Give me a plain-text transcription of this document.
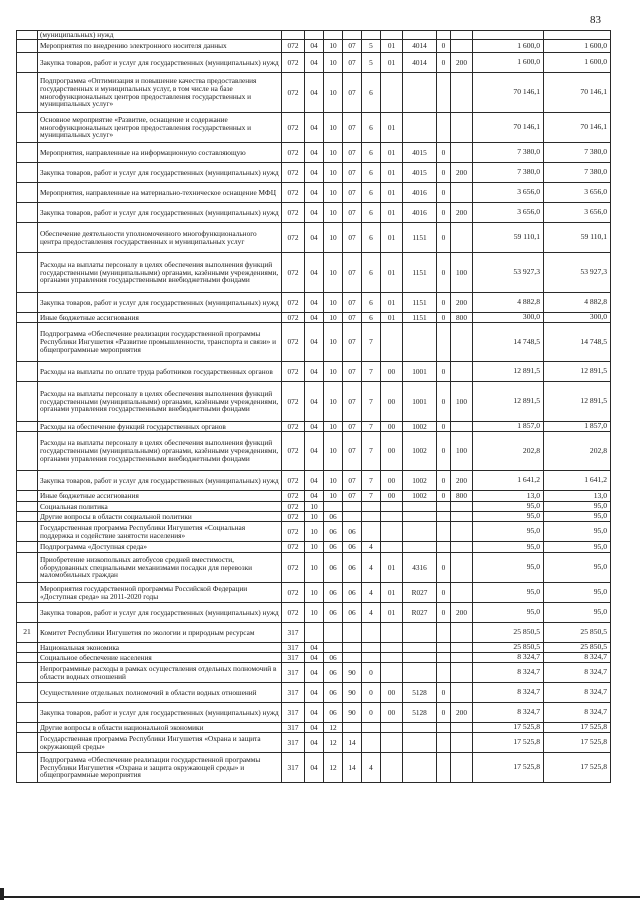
83
	(муниципальных) нужд											
	Мероприятия по внедрению электронного носителя данных	072	04	10	07	5	01	4014	0		1 600,0	1 600,0
	Закупка товаров, работ и услуг для государственных (муниципальных) нужд	072	04	10	07	5	01	4014	0	200	1 600,0	1 600,0
	Подпрограмма «Оптимизация и повышение качества предоставления государственных и муниципальных услуг, в том числе на базе многофункциональных центров предоставления государственных и муниципальных услуг»	072	04	10	07	6					70 146,1	70 146,1
	Основное мероприятие «Развитие, оснащение и содержание многофункциональных центров предоставления государственных и муниципальных услуг»	072	04	10	07	6	01				70 146,1	70 146,1
	Мероприятия, направленные на информационную составляющую	072	04	10	07	6	01	4015	0		7 380,0	7 380,0
	Закупка товаров, работ и услуг для государственных (муниципальных) нужд	072	04	10	07	6	01	4015	0	200	7 380,0	7 380,0
	Мероприятия, направленные на материально-техническое оснащение МФЦ	072	04	10	07	6	01	4016	0		3 656,0	3 656,0
	Закупка товаров, работ и услуг для государственных (муниципальных) нужд	072	04	10	07	6	01	4016	0	200	3 656,0	3 656,0
	Обеспечение деятельности уполномоченного многофункционального центра предоставления государственных и муниципальных услуг	072	04	10	07	6	01	1151	0		59 110,1	59 110,1
	Расходы на выплаты персоналу в целях обеспечения выполнения функций государственными (муниципальными) органами, казёнными учреждениями, органами управления государственными внебюджетными фондами	072	04	10	07	6	01	1151	0	100	53 927,3	53 927,3
	Закупка товаров, работ и услуг для государственных (муниципальных) нужд	072	04	10	07	6	01	1151	0	200	4 882,8	4 882,8
	Иные бюджетные ассигнования	072	04	10	07	6	01	1151	0	800	300,0	300,0
	Подпрограмма «Обеспечение реализации государственной программы Республики Ингушетия «Развитие промышленности, транспорта и связи» и общепрограммные мероприятия	072	04	10	07	7					14 748,5	14 748,5
	Расходы на выплаты по оплате труда работников государственных органов	072	04	10	07	7	00	1001	0		12 891,5	12 891,5
	Расходы на выплаты персоналу в целях обеспечения выполнения функций государственными (муниципальными) органами, казёнными учреждениями, органами управления государственными внебюджетными фондами	072	04	10	07	7	00	1001	0	100	12 891,5	12 891,5
	Расходы на обеспечение функций государственных органов	072	04	10	07	7	00	1002	0		1 857,0	1 857,0
	Расходы на выплаты персоналу в целях обеспечения выполнения функций государственными (муниципальными) органами, казёнными учреждениями, органами управления государственными внебюджетными фондами	072	04	10	07	7	00	1002	0	100	202,8	202,8
	Закупка товаров, работ и услуг для государственных (муниципальных) нужд	072	04	10	07	7	00	1002	0	200	1 641,2	1 641,2
	Иные бюджетные ассигнования	072	04	10	07	7	00	1002	0	800	13,0	13,0
	Социальная политика	072	10								95,0	95,0
	Другие вопросы в области социальной политики	072	10	06							95,0	95,0
	Государственная программа Республики Ингушетия «Социальная поддержка и содействие занятости населения»	072	10	06	06						95,0	95,0
	Подпрограмма «Доступная среда»	072	10	06	06	4					95,0	95,0
	Приобретение низкопольных автобусов средней вместимости, оборудованных специальными механизмами посадки для перевозки маломобильных граждан	072	10	06	06	4	01	4316	0		95,0	95,0
	Мероприятия государственной программы Российской Федерации «Доступная среда» на 2011-2020 годы	072	10	06	06	4	01	R027	0		95,0	95,0
	Закупка товаров, работ и услуг для государственных (муниципальных) нужд	072	10	06	06	4	01	R027	0	200	95,0	95,0
21	Комитет Республики Ингушетия по экологии и природным ресурсам	317									25 850,5	25 850,5
	Национальная экономика	317	04								25 850,5	25 850,5
	Социальное обеспечение населения	317	04	06							8 324,7	8 324,7
	Непрограммные расходы в рамках осуществления отдельных полномочий в области водных отношений	317	04	06	90	0					8 324,7	8 324,7
	Осуществление отдельных полномочий в области водных отношений	317	04	06	90	0	00	5128	0		8 324,7	8 324,7
	Закупка товаров, работ и услуг для государственных (муниципальных) нужд	317	04	06	90	0	00	5128	0	200	8 324,7	8 324,7
	Другие вопросы в области национальной экономики	317	04	12							17 525,8	17 525,8
	Государственная программа Республики Ингушетия «Охрана и защита окружающей среды»	317	04	12	14						17 525,8	17 525,8
	Подпрограмма «Обеспечение реализации государственной программы Республики Ингушетия «Охрана и защита окружающей среды» и общепрограммные мероприятия	317	04	12	14	4					17 525,8	17 525,8
